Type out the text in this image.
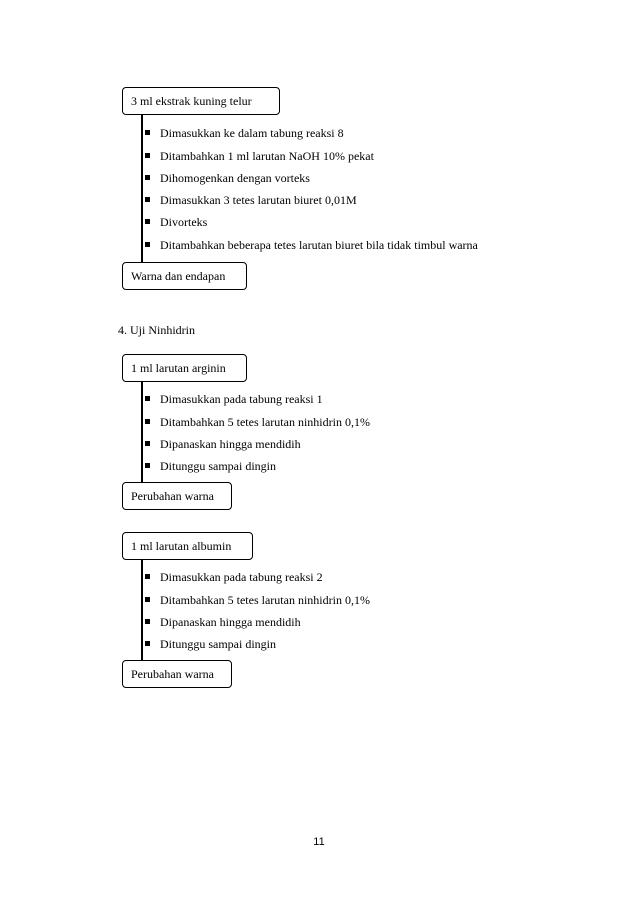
3 ml ekstrak kuning telur
Dimasukkan ke dalam tabung reaksi 8
Ditambahkan 1 ml larutan NaOH 10% pekat
Dihomogenkan dengan vorteks
Dimasukkan 3 tetes larutan biuret 0,01M
Divorteks
Ditambahkan beberapa tetes larutan biuret bila tidak timbul warna
Warna dan endapan
4. Uji Ninhidrin
1 ml larutan arginin
Dimasukkan pada tabung reaksi 1
Ditambahkan 5 tetes larutan ninhidrin 0,1%
Dipanaskan hingga mendidih
Ditunggu sampai dingin
Perubahan warna
1 ml larutan albumin
Dimasukkan pada tabung reaksi 2
Ditambahkan 5 tetes larutan ninhidrin 0,1%
Dipanaskan hingga mendidih
Ditunggu sampai dingin
Perubahan warna
11
